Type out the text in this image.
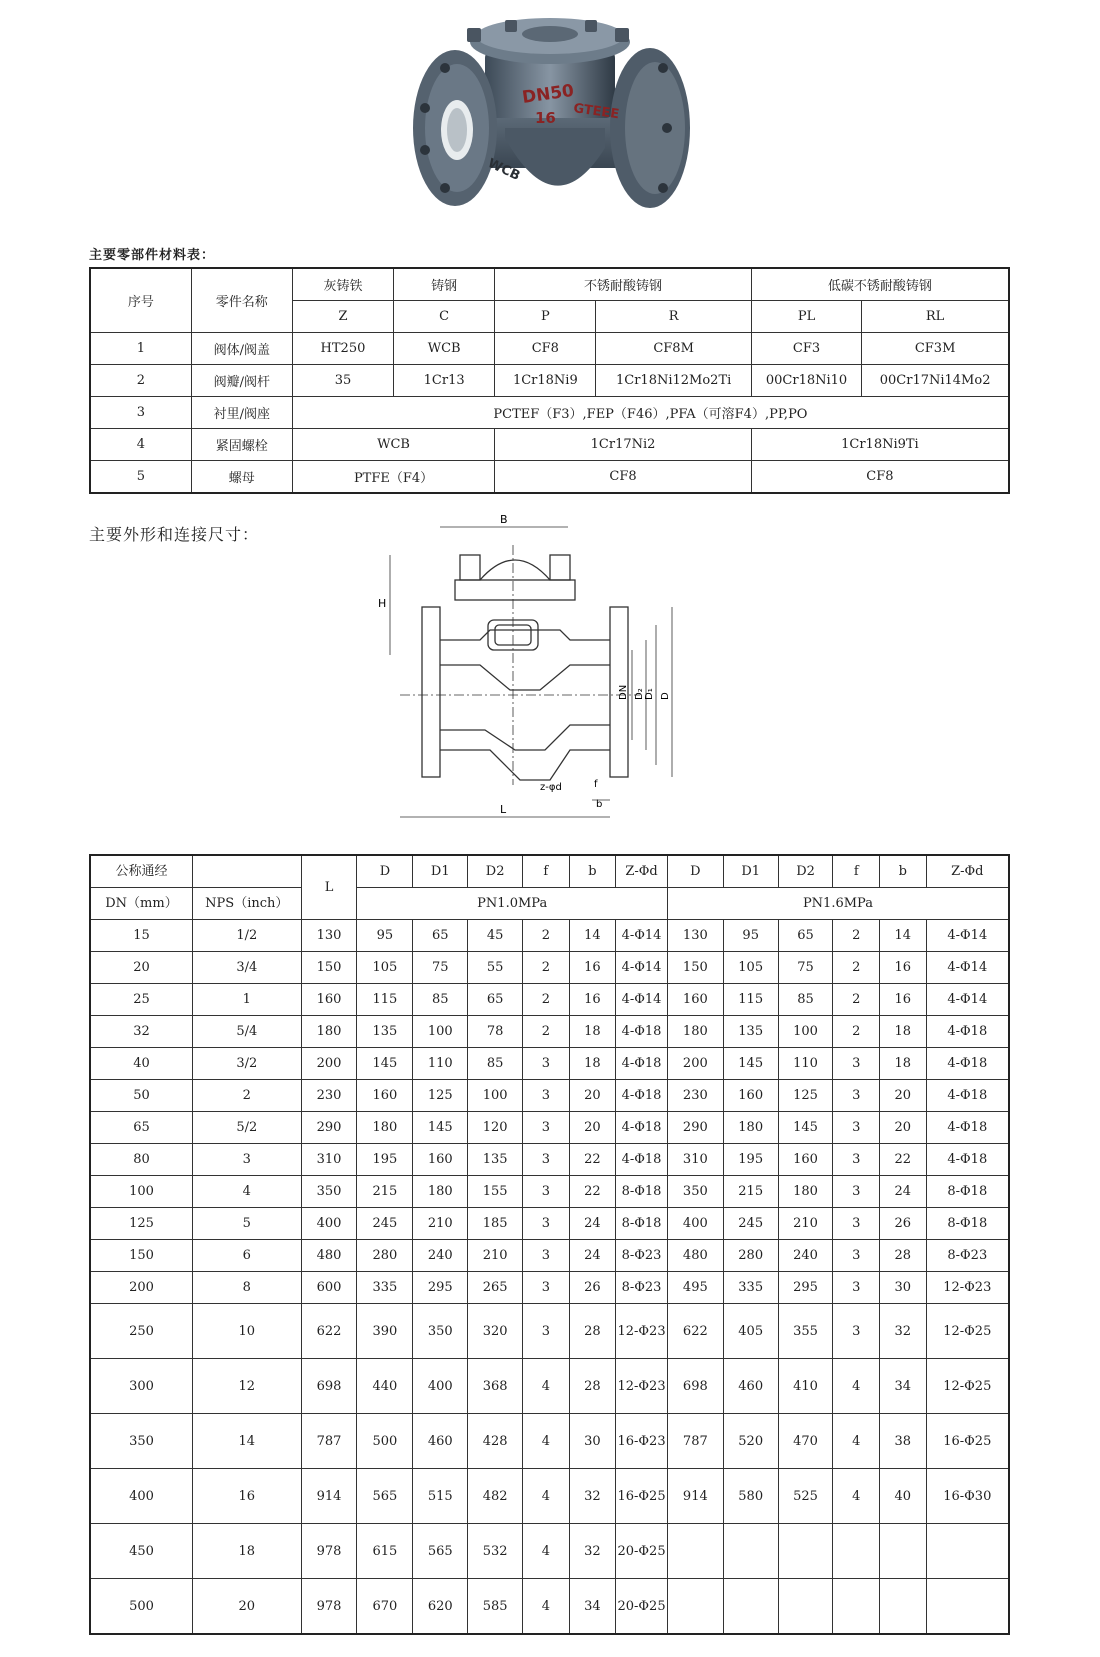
DN50
16 GTEEE
WCB
主要零部件材料表：
序号	零件名称	灰铸铁	铸钢	不锈耐酸铸钢		低碳不锈耐酸铸钢	
		Z	C	P	R	PL	RL
1	阀体/阀盖	HT250	WCB	CF8	CF8M	CF3	CF3M
2	阀瓣/阀杆	35	1Cr13	1Cr18Ni9	1Cr18Ni12Mo2Ti	00Cr18Ni10	00Cr17Ni14Mo2
3	衬里/阀座	PCTEF（F3）,FEP（F46）,PFA（可溶F4）,PP,PO					
4	紧固螺栓	WCB		1Cr17Ni2		1Cr18Ni9Ti	
5	螺母	PTFE（F4）		CF8		CF8	
主要外形和连接尺寸：
B
H
DN D₂ D₁ D
z-φd	f
b
L
公称通经		L	D	D1	D2	f	b	Z-Φd	D	D1	D2	f	b	Z-Φd
DN（mm）	NPS（inch）		PN1.0MPa						PN1.6MPa					
15	1/2	130	95	65	45	2	14	4-Φ14	130	95	65	2	14	4-Φ14
20	3/4	150	105	75	55	2	16	4-Φ14	150	105	75	2	16	4-Φ14
25	1	160	115	85	65	2	16	4-Φ14	160	115	85	2	16	4-Φ14
32	5/4	180	135	100	78	2	18	4-Φ18	180	135	100	2	18	4-Φ18
40	3/2	200	145	110	85	3	18	4-Φ18	200	145	110	3	18	4-Φ18
50	2	230	160	125	100	3	20	4-Φ18	230	160	125	3	20	4-Φ18
65	5/2	290	180	145	120	3	20	4-Φ18	290	180	145	3	20	4-Φ18
80	3	310	195	160	135	3	22	4-Φ18	310	195	160	3	22	4-Φ18
100	4	350	215	180	155	3	22	8-Φ18	350	215	180	3	24	8-Φ18
125	5	400	245	210	185	3	24	8-Φ18	400	245	210	3	26	8-Φ18
150	6	480	280	240	210	3	24	8-Φ23	480	280	240	3	28	8-Φ23
200	8	600	335	295	265	3	26	8-Φ23	495	335	295	3	30	12-Φ23
250	10	622	390	350	320	3	28	12-Φ23	622	405	355	3	32	12-Φ25
300	12	698	440	400	368	4	28	12-Φ23	698	460	410	4	34	12-Φ25
350	14	787	500	460	428	4	30	16-Φ23	787	520	470	4	38	16-Φ25
400	16	914	565	515	482	4	32	16-Φ25	914	580	525	4	40	16-Φ30
450	18	978	615	565	532	4	32	20-Φ25						
500	20	978	670	620	585	4	34	20-Φ25						
